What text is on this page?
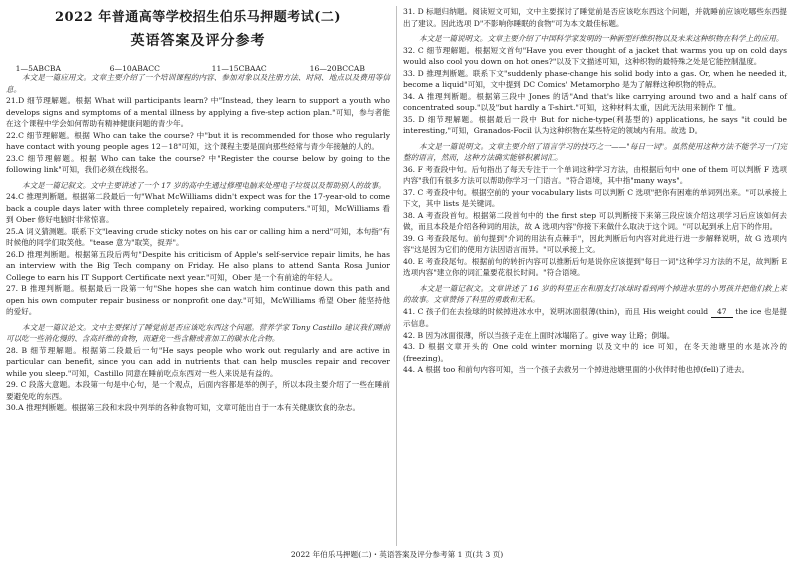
2022 年普通高等学校招生伯乐马押题考试(二)
英语答案及评分参考

1—5ABCBA	6—10ABACC	11—15CBAAC	16—20BCCAB

本文是一篇应用文。文章主要介绍了一个培训课程的内容、参加对象以及注册方法、时间、地点以及费用等信息。

21.D 细节理解题。根据 What will participants learn? 中"Instead, they learn to support a youth who develops signs and symptoms of a mental illness by applying a five-step action plan."可知，参与者能在这个课程中学会如何帮助有精神健康问题的青少年。

22.C 细节理解题。根据 Who can take the course? 中"but it is recommended for those who regularly have contact with young people ages 12－18"可知，这个课程主要是面向那些经常与青少年接触的人的。

23.C 细节理解题。根据 Who can take the course? 中"Register the course below by going to the following link"可知，我们必须在线报名。

本文是一篇记叙文。文中主要讲述了一个 17 岁的高中生通过修理电脑来处理电子垃圾以及帮助别人的故事。

24.C 推理判断题。根据第二段最后一句"What McWilliams didn't expect was for the 17-year-old to come back a couple days later with three completely repaired, working computers."可知，McWilliams 看到 Ober 修好电脑时非常惊喜。

25.A 词义猜测题。联系下文"leaving crude sticky notes on his car or calling him a nerd"可知，本句指"有时候他的同学们取笑他。"tease 意为"取笑，捉弄"。

26.D 推理判断题。根据第五段后两句"Despite his criticism of Apple's self-service repair limits, he has an interview with the Big Tech company on Friday. He also plans to attend Santa Rosa Junior College to earn his IT Support Certificate next year."可知，Ober 是一个有前途的年轻人。

27. B 推理判断题。根据最后一段第一句"She hopes she can watch him continue down this path and open his own computer repair business or nonprofit one day."可知，McWilliams 希望 Ober 能坚持他的爱好。

本文是一篇议论文。文中主要探讨了睡觉前是否应该吃东西这个问题。营养学家 Tony Castillo 建议我们睡前可以吃一些消化慢的、含高纤维的食物，而避免一些含糖或者加工的碳水化合物。

28. B 细节理解题。根据第二段最后一句"He says people who work out regularly and are active in particular can benefit, since you can add in nutrients that can help muscles repair and recover while you sleep."可知，Castillo 同意在睡前吃点东西对一些人来说是有益的。

29. C 段落大意题。本段第一句是中心句，是一个观点，后面内容都是举的例子，所以本段主要介绍了一些在睡前要避免吃的东西。

30.A 推理判断题。根据第三段和末段中列举的各种食物可知，文章可能出自于一本有关健康饮食的杂志。

31. D 标题归纳题。阅读短文可知，文中主要探讨了睡觉前是否应该吃东西这个问题，并就睡前应该吃哪些东西提出了建议。因此选项 D"不影响你睡眠的食物"可为本文最佳标题。

本文是一篇说明文。文章主要介绍了中国科学家发明的一种新型纤维织物以及未来这种织物在科学上的应用。

32. C 细节理解题。根据短文首句"Have you ever thought of a jacket that warms you up on cold days would also cool you down on hot ones?"以及下文描述可知，这种织物的最特殊之处是它能控制温度。

33. D 推理判断题。联系下文"suddenly phase-change his solid body into a gas. Or, when he needed it, become a liquid"可知，文中提到 DC Comics' Metamorpho 是为了解释这种织物的特点。

34. A 推理判断题。根据第三段中 Jones 的话"And that's like carrying around two and a half cans of concentrated soup."以及"but hardly a T-shirt."可知，这种材料太重，因此无法用来制作 T 恤。

35. D 细节理解题。根据最后一段中 But for niche-type(利基型的) applications, he says "it could be interesting,"可知，Granados-Focil 认为这种织物在某些特定的领域内有用。故选 D。

本文是一篇说明文。文章主要介绍了语言学习的技巧之一——"每日一词"。虽然使用这种方法不能学习一门完整的语言，然而，这种方法确实能够积累词汇。

36. F 考查段中句。后句指出了每天专注于一个单词这种学习方法，由根据后句中 one of them 可以判断 F 选项内容"我们有很多方法可以帮助你学习一门语言。"符合语境，其中指"many ways"。

37. C 考查段中句。根据空前的 your vocabulary lists 可以判断 C 选项"把你有困难的单词列出来。"可以承接上下文，其中 lists 是关键词。

38. A 考查段首句。根据第二段首句中的 the first step 可以判断接下来第三段应该介绍这项学习后应该如何去做，而且本段是介绍各种词的用法，故 A 选项内容"你接下来做什么取决于这个词。"可以起到承上启下的作用。

39. G 考查段尾句。前句提到"介词的用法有点棘手"，因此判断后句内容对此进行进一步解释说明，故 G 选项内容"这是因为它们的使用方法因语言而异。"可以承接上文。

40. E 考查段尾句。根据前句的转折内容可以推断后句是说你应该提到"每日一词"这种学习方法的不足，故判断 E 选项内容"建立你的词汇量要花很长时间。"符合语境。

本文是一篇记叙文。文章讲述了 16 岁的科里正在和朋友打冰球时看到两个掉进水里的小男孩并把他们救上来的故事。文章赞扬了科里的勇敢和无私。

41. C 孩子们在去捡球的时候掉进冰水中，说明冰面很薄(thin)，而且 His weight could 47 the ice 也是提示信息。

42. B 因为冰面很薄，所以当孩子走在上面时冰塌陷了。give way 让路；倒塌。

43. D 根据文章开头的 One cold winter morning 以及文中的 ice 可知，在冬天池塘里的水是冰冷的(freezing)。

44. A 根据 too 和前句内容可知，当一个孩子去救另一个掉进池塘里面的小伙伴时他也掉(fell)了进去。

2022 年伯乐马押题(二)・英语答案及评分参考第 1 页(共 3 页)
